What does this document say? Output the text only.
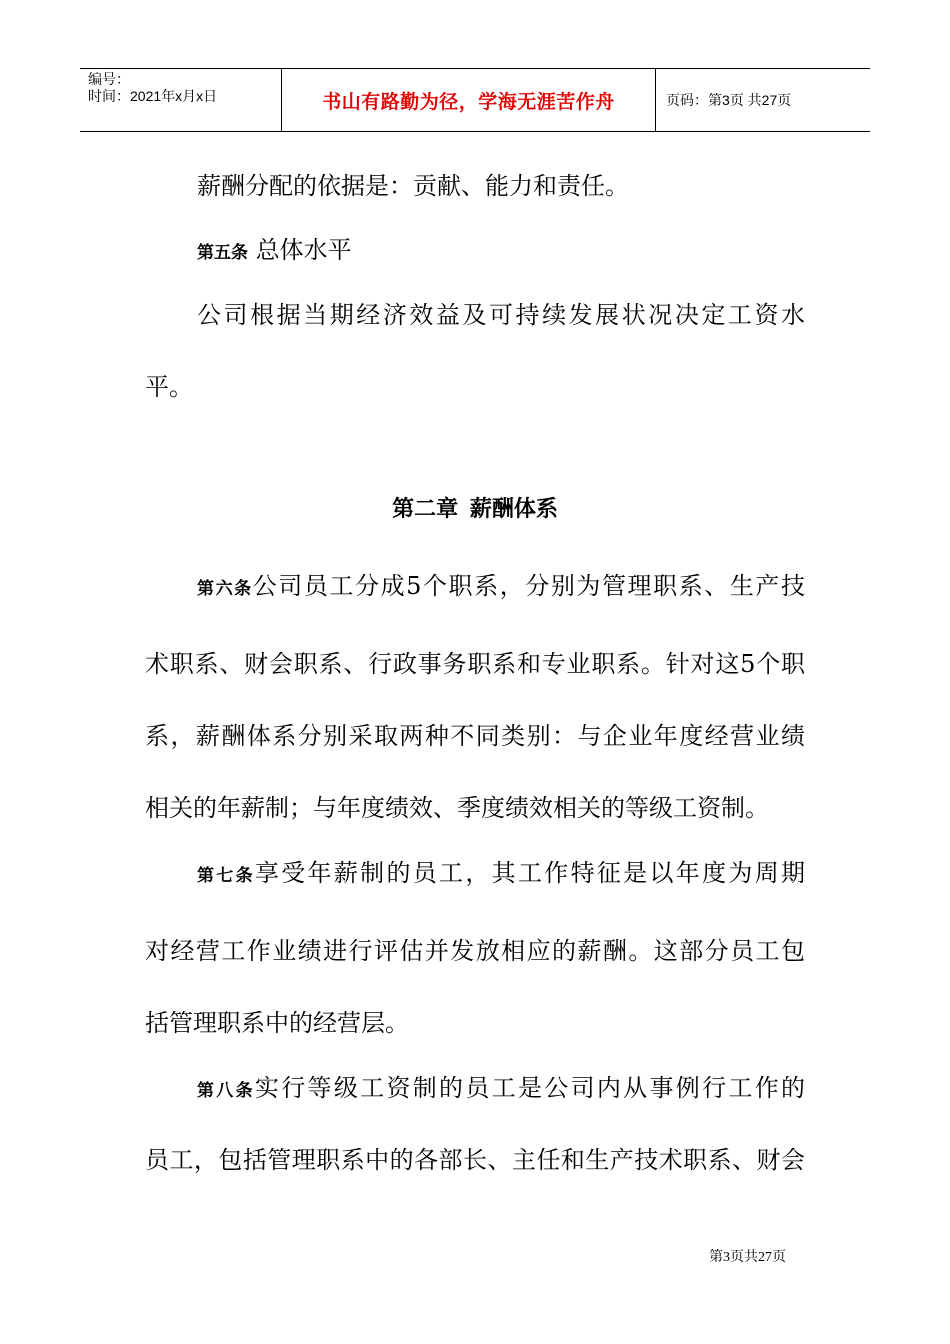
编号：
时间：2021年x月x日	书山有路勤为径，学海无涯苦作舟	页码：第3页 共27页
薪酬分配的依据是：贡献、能力和责任。
第五条 总体水平
公司根据当期经济效益及可持续发展状况决定工资水
平。
第二章 薪酬体系
第六条公司员工分成5个职系，分别为管理职系、生产技
术职系、财会职系、行政事务职系和专业职系。针对这5个职
系，薪酬体系分别采取两种不同类别：与企业年度经营业绩
相关的年薪制；与年度绩效、季度绩效相关的等级工资制。
第七条享受年薪制的员工，其工作特征是以年度为周期
对经营工作业绩进行评估并发放相应的薪酬。这部分员工包
括管理职系中的经营层。
第八条实行等级工资制的员工是公司内从事例行工作的
员工，包括管理职系中的各部长、主任和生产技术职系、财会
第3页共27页
